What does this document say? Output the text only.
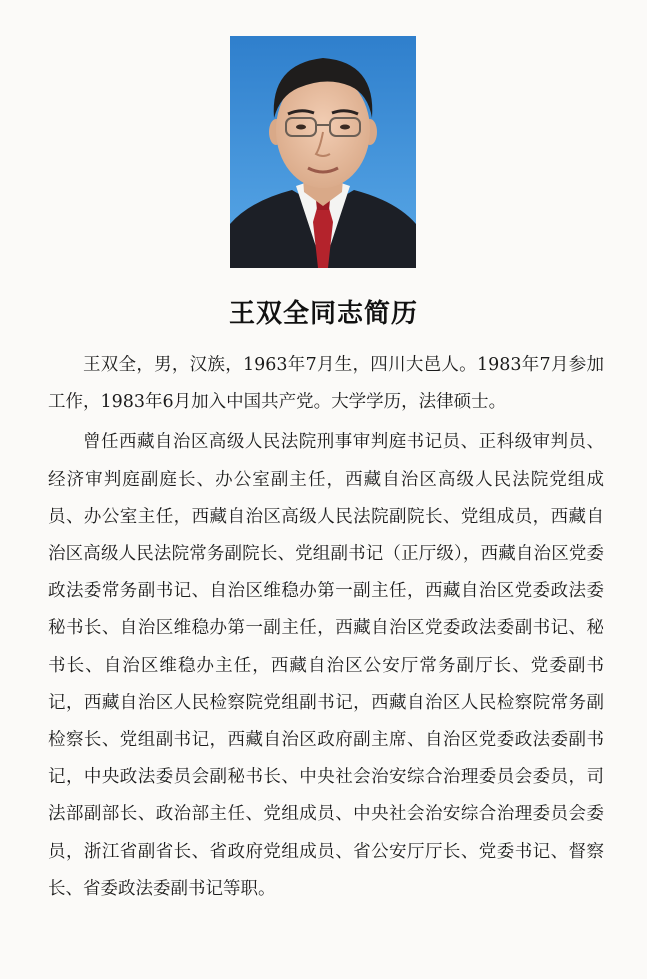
王双全同志简历

王双全，男，汉族，1963年7月生，四川大邑人。1983年7月参加工作，1983年6月加入中国共产党。大学学历，法律硕士。

曾任西藏自治区高级人民法院刑事审判庭书记员、正科级审判员、经济审判庭副庭长、办公室副主任，西藏自治区高级人民法院党组成员、办公室主任，西藏自治区高级人民法院副院长、党组成员，西藏自治区高级人民法院常务副院长、党组副书记（正厅级），西藏自治区党委政法委常务副书记、自治区维稳办第一副主任，西藏自治区党委政法委秘书长、自治区维稳办第一副主任，西藏自治区党委政法委副书记、秘书长、自治区维稳办主任，西藏自治区公安厅常务副厅长、党委副书记，西藏自治区人民检察院党组副书记，西藏自治区人民检察院常务副检察长、党组副书记，西藏自治区政府副主席、自治区党委政法委副书记，中央政法委员会副秘书长、中央社会治安综合治理委员会委员，司法部副部长、政治部主任、党组成员、中央社会治安综合治理委员会委员，浙江省副省长、省政府党组成员、省公安厅厅长、党委书记、督察长、省委政法委副书记等职。
